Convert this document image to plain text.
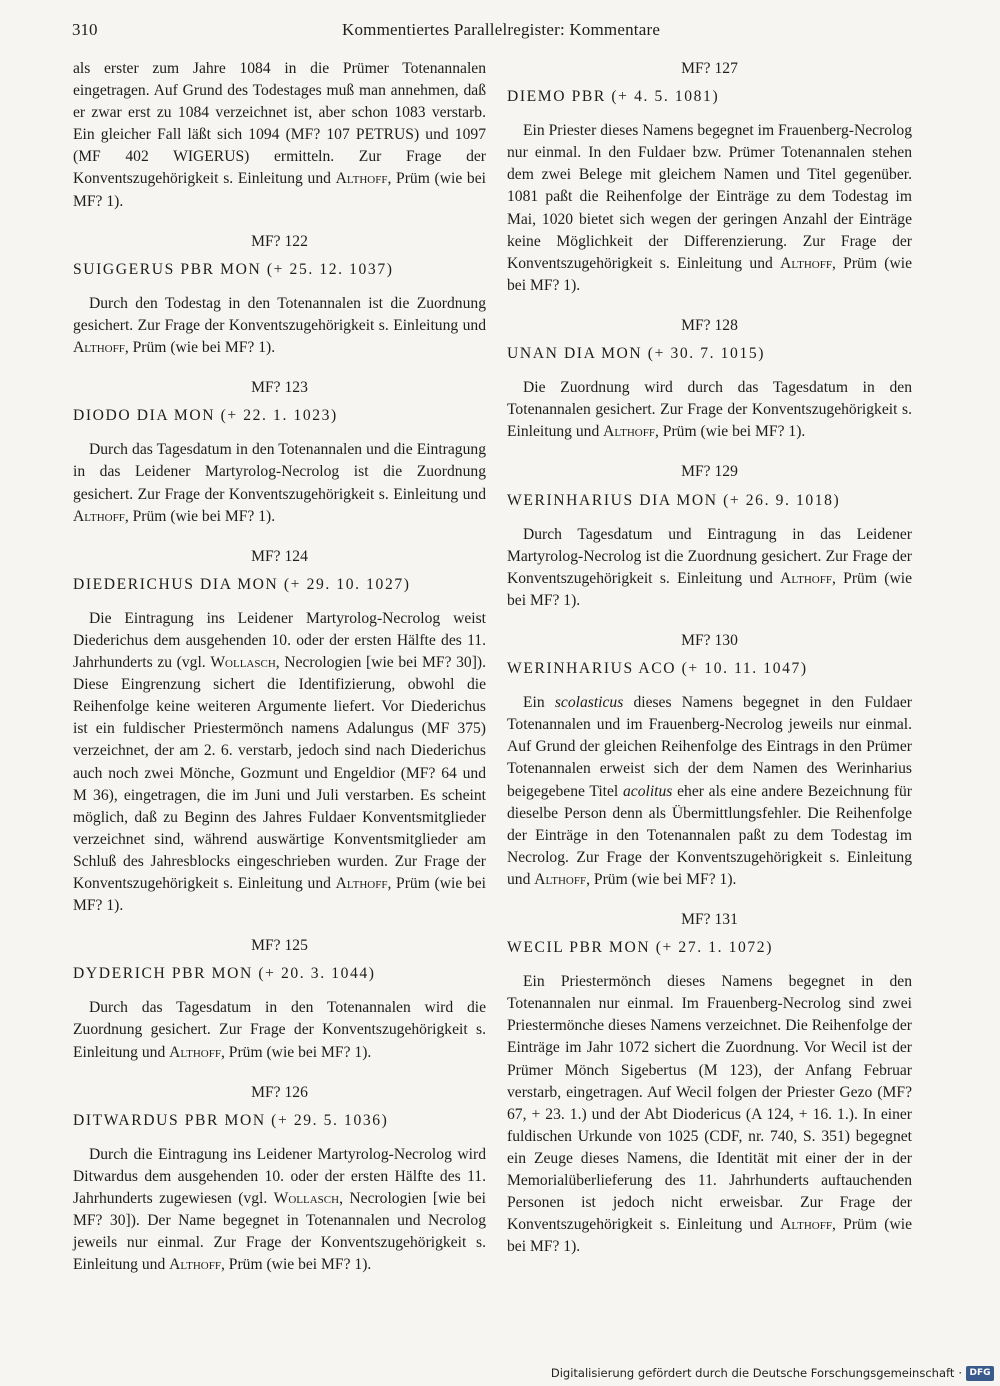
310	Kommentiertes Parallelregister: Kommentare

als erster zum Jahre 1084 in die Prümer Totenannalen eingetragen. Auf Grund des Todestages muß man annehmen, daß er zwar erst zu 1084 verzeichnet ist, aber schon 1083 verstarb. Ein gleicher Fall läßt sich 1094 (MF? 107 PETRUS) und 1097 (MF 402 WIGERUS) ermitteln. Zur Frage der Konventszugehörigkeit s. Einleitung und Althoff, Prüm (wie bei MF? 1).

MF? 122
SUIGGERUS PBR MON (+ 25. 12. 1037)

Durch den Todestag in den Totenannalen ist die Zuordnung gesichert. Zur Frage der Konventszugehörigkeit s. Einleitung und Althoff, Prüm (wie bei MF? 1).

MF? 123
DIODO DIA MON (+ 22. 1. 1023)

Durch das Tagesdatum in den Totenannalen und die Eintragung in das Leidener Martyrolog-Necrolog ist die Zuordnung gesichert. Zur Frage der Konventszugehörigkeit s. Einleitung und Althoff, Prüm (wie bei MF? 1).

MF? 124
DIEDERICHUS DIA MON (+ 29. 10. 1027)

Die Eintragung ins Leidener Martyrolog-Necrolog weist Diederichus dem ausgehenden 10. oder der ersten Hälfte des 11. Jahrhunderts zu (vgl. Wollasch, Necrologien [wie bei MF? 30]). Diese Eingrenzung sichert die Identifizierung, obwohl die Reihenfolge keine weiteren Argumente liefert. Vor Diederichus ist ein fuldischer Priestermönch namens Adalungus (MF 375) verzeichnet, der am 2. 6. verstarb, jedoch sind nach Diederichus auch noch zwei Mönche, Gozmunt und Engeldior (MF? 64 und M 36), eingetragen, die im Juni und Juli verstarben. Es scheint möglich, daß zu Beginn des Jahres Fuldaer Konventsmitglieder verzeichnet sind, während auswärtige Konventsmitglieder am Schluß des Jahresblocks eingeschrieben wurden. Zur Frage der Konventszugehörigkeit s. Einleitung und Althoff, Prüm (wie bei MF? 1).

MF? 125
DYDERICH PBR MON (+ 20. 3. 1044)

Durch das Tagesdatum in den Totenannalen wird die Zuordnung gesichert. Zur Frage der Konventszugehörigkeit s. Einleitung und Althoff, Prüm (wie bei MF? 1).

MF? 126
DITWARDUS PBR MON (+ 29. 5. 1036)

Durch die Eintragung ins Leidener Martyrolog-Necrolog wird Ditwardus dem ausgehenden 10. oder der ersten Hälfte des 11. Jahrhunderts zugewiesen (vgl. Wollasch, Necrologien [wie bei MF? 30]). Der Name begegnet in Totenannalen und Necrolog jeweils nur einmal. Zur Frage der Konventszugehörigkeit s. Einleitung und Althoff, Prüm (wie bei MF? 1).

MF? 127
DIEMO PBR (+ 4. 5. 1081)

Ein Priester dieses Namens begegnet im Frauenberg-Necrolog nur einmal. In den Fuldaer bzw. Prümer Totenannalen stehen dem zwei Belege mit gleichem Namen und Titel gegenüber. 1081 paßt die Reihenfolge der Einträge zu dem Todestag im Mai, 1020 bietet sich wegen der geringen Anzahl der Einträge keine Möglichkeit der Differenzierung. Zur Frage der Konventszugehörigkeit s. Einleitung und Althoff, Prüm (wie bei MF? 1).

MF? 128
UNAN DIA MON (+ 30. 7. 1015)

Die Zuordnung wird durch das Tagesdatum in den Totenannalen gesichert. Zur Frage der Konventszugehörigkeit s. Einleitung und Althoff, Prüm (wie bei MF? 1).

MF? 129
WERINHARIUS DIA MON (+ 26. 9. 1018)

Durch Tagesdatum und Eintragung in das Leidener Martyrolog-Necrolog ist die Zuordnung gesichert. Zur Frage der Konventszugehörigkeit s. Einleitung und Althoff, Prüm (wie bei MF? 1).

MF? 130
WERINHARIUS ACO (+ 10. 11. 1047)

Ein scolasticus dieses Namens begegnet in den Fuldaer Totenannalen und im Frauenberg-Necrolog jeweils nur einmal. Auf Grund der gleichen Reihenfolge des Eintrags in den Prümer Totenannalen erweist sich der dem Namen des Werinharius beigegebene Titel acolitus eher als eine andere Bezeichnung für dieselbe Person denn als Übermittlungsfehler. Die Reihenfolge der Einträge in den Totenannalen paßt zu dem Todestag im Necrolog. Zur Frage der Konventszugehörigkeit s. Einleitung und Althoff, Prüm (wie bei MF? 1).

MF? 131
WECIL PBR MON (+ 27. 1. 1072)

Ein Priestermönch dieses Namens begegnet in den Totenannalen nur einmal. Im Frauenberg-Necrolog sind zwei Priestermönche dieses Namens verzeichnet. Die Reihenfolge der Einträge im Jahr 1072 sichert die Zuordnung. Vor Wecil ist der Prümer Mönch Sigebertus (M 123), der Anfang Februar verstarb, eingetragen. Auf Wecil folgen der Priester Gezo (MF? 67, + 23. 1.) und der Abt Diodericus (A 124, + 16. 1.). In einer fuldischen Urkunde von 1025 (CDF, nr. 740, S. 351) begegnet ein Zeuge dieses Namens, die Identität mit einer der in der Memorialüberlieferung des 11. Jahrhunderts auftauchenden Personen ist jedoch nicht erweisbar. Zur Frage der Konventszugehörigkeit s. Einleitung und Althoff, Prüm (wie bei MF? 1).

Digitalisierung gefördert durch die Deutsche Forschungsgemeinschaft · DFG
